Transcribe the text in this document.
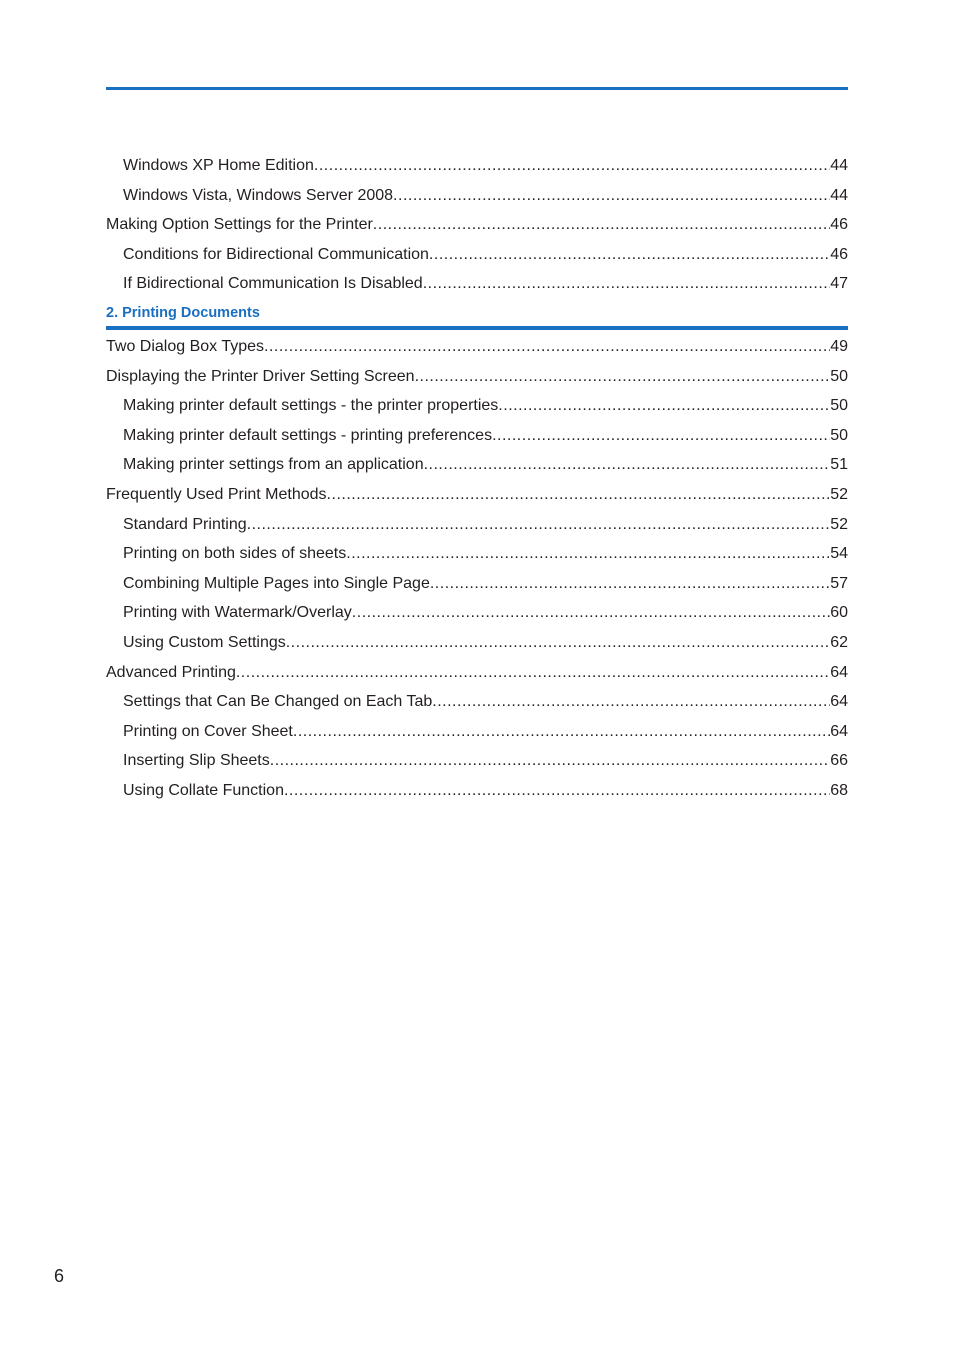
Windows XP Home Edition .....	44
Windows Vista, Windows Server 2008 .....	44
Making Option Settings for the Printer .....	46
Conditions for Bidirectional Communication .....	46
If Bidirectional Communication Is Disabled .....	47
2. Printing Documents
Two Dialog Box Types .....	49
Displaying the Printer Driver Setting Screen .....	50
Making printer default settings - the printer properties .....	50
Making printer default settings - printing preferences .....	50
Making printer settings from an application .....	51
Frequently Used Print Methods .....	52
Standard Printing .....	52
Printing on both sides of sheets .....	54
Combining Multiple Pages into Single Page .....	57
Printing with Watermark/Overlay .....	60
Using Custom Settings .....	62
Advanced Printing .....	64
Settings that Can Be Changed on Each Tab .....	64
Printing on Cover Sheet .....	64
Inserting Slip Sheets .....	66
Using Collate Function .....	68
6
